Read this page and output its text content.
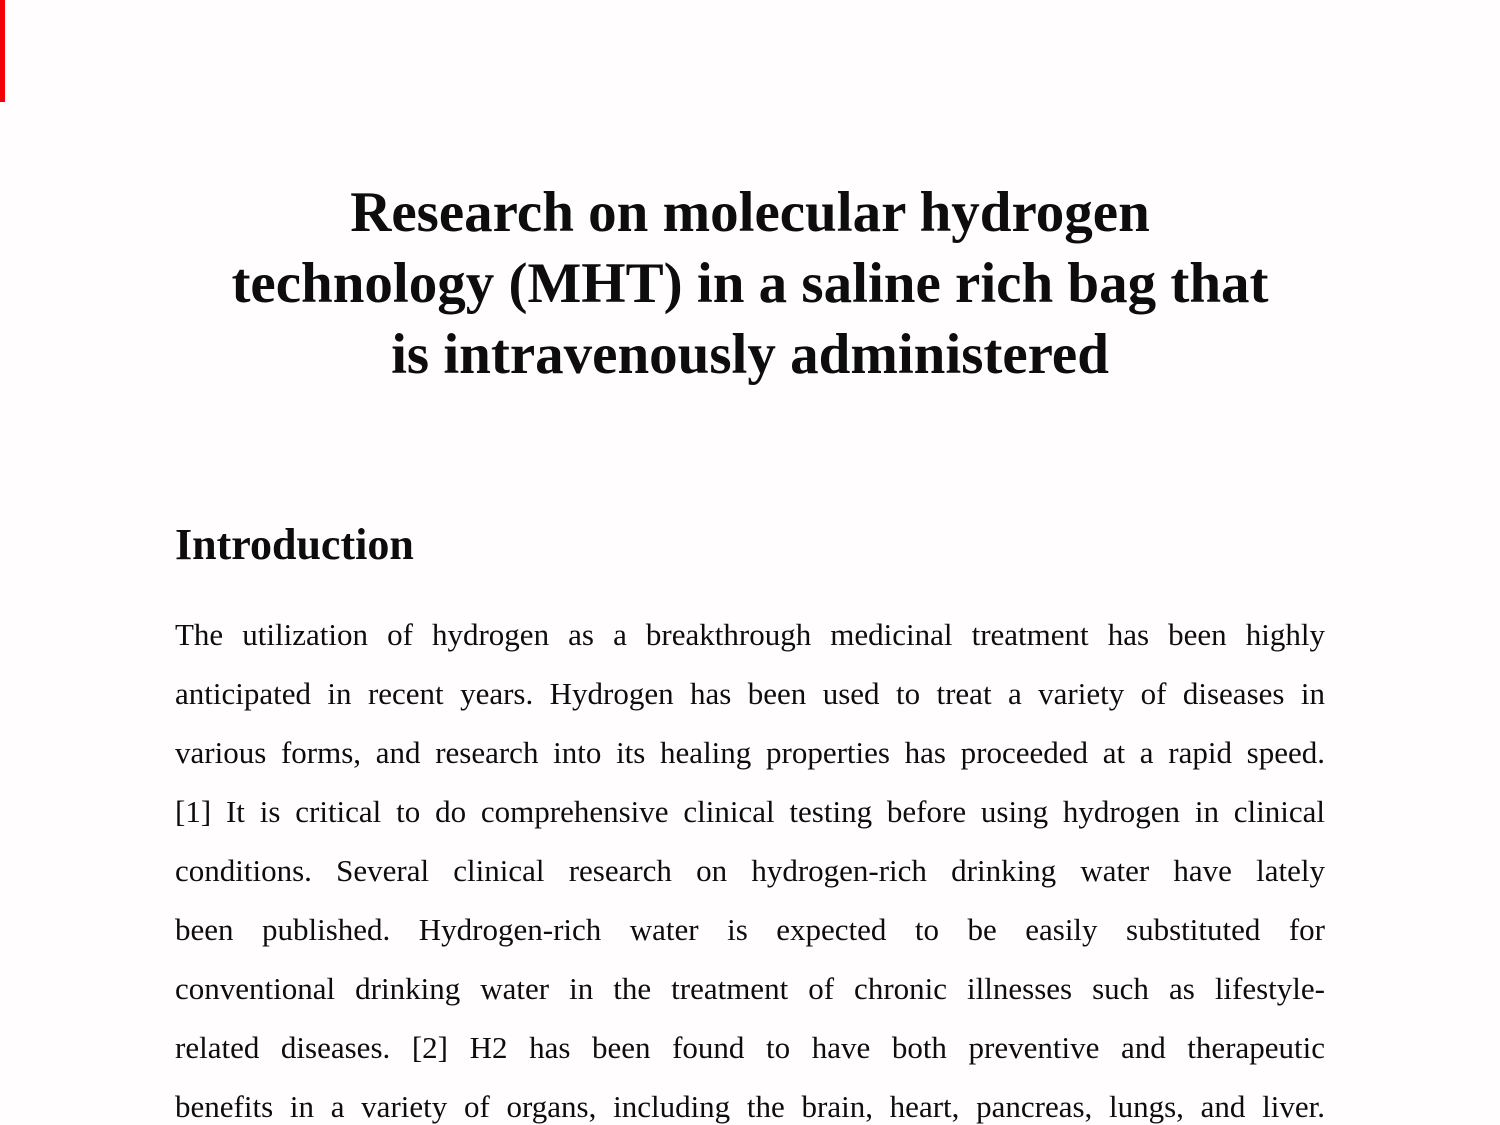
Research on molecular hydrogen
technology (MHT) in a saline rich bag that
is intravenously administered
Introduction
The utilization of hydrogen as a breakthrough medicinal treatment has been highly
anticipated in recent years. Hydrogen has been used to treat a variety of diseases in
various forms, and research into its healing properties has proceeded at a rapid speed.
[1] It is critical to do comprehensive clinical testing before using hydrogen in clinical
conditions. Several clinical research on hydrogen-rich drinking water have lately
been published. Hydrogen-rich water is expected to be easily substituted for
conventional drinking water in the treatment of chronic illnesses such as lifestyle-
related diseases. [2] H2 has been found to have both preventive and therapeutic
benefits in a variety of organs, including the brain, heart, pancreas, lungs, and liver.
